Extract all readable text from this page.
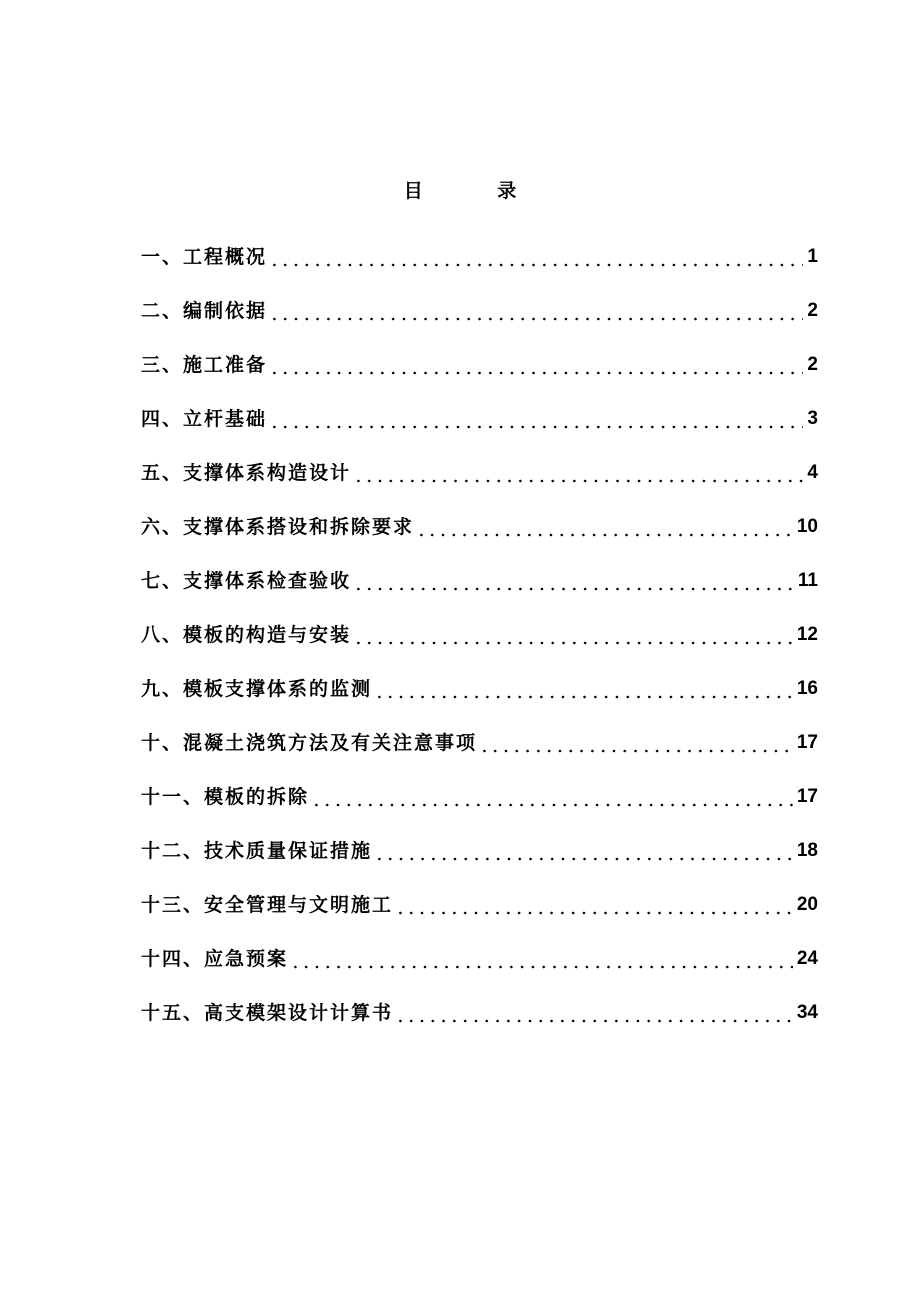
目 录
一、工程概况	1
二、编制依据	2
三、施工准备	2
四、立杆基础	3
五、支撑体系构造设计	4
六、支撑体系搭设和拆除要求	10
七、支撑体系检查验收	11
八、模板的构造与安装	12
九、模板支撑体系的监测	16
十、混凝土浇筑方法及有关注意事项	17
十一、模板的拆除	17
十二、技术质量保证措施	18
十三、安全管理与文明施工	20
十四、应急预案	24
十五、高支模架设计计算书	34
